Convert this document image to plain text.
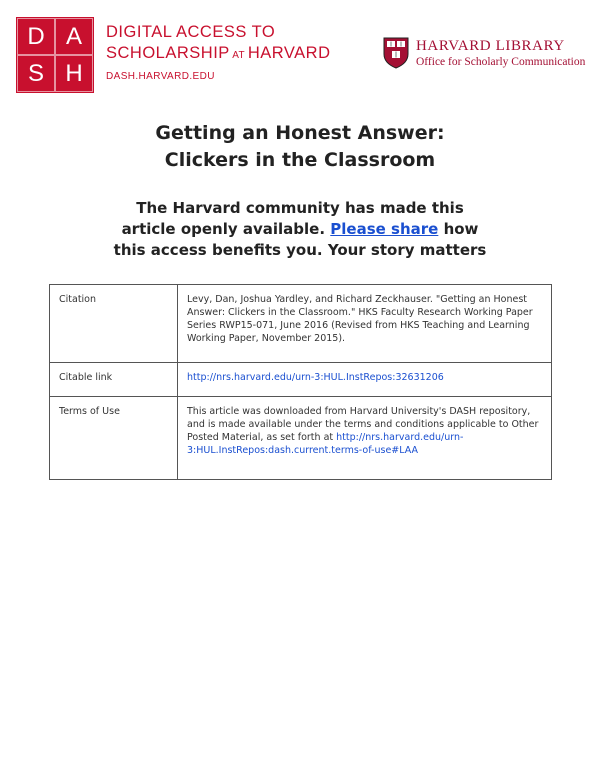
D A
S H
DIGITAL ACCESS TO
SCHOLARSHIP AT HARVARD
DASH.HARVARD.EDU
HARVARD LIBRARY
Office for Scholarly Communication
Getting an Honest Answer:
Clickers in the Classroom
The Harvard community has made this
article openly available. Please share how
this access benefits you. Your story matters
Citation	Levy, Dan, Joshua Yardley, and Richard Zeckhauser. "Getting an Honest Answer: Clickers in the Classroom." HKS Faculty Research Working Paper Series RWP15-071, June 2016 (Revised from HKS Teaching and Learning Working Paper, November 2015).
Citable link	http://nrs.harvard.edu/urn-3:HUL.InstRepos:32631206
Terms of Use	This article was downloaded from Harvard University's DASH repository, and is made available under the terms and conditions applicable to Other Posted Material, as set forth at http://nrs.harvard.edu/urn-3:HUL.InstRepos:dash.current.terms-of-use#LAA
